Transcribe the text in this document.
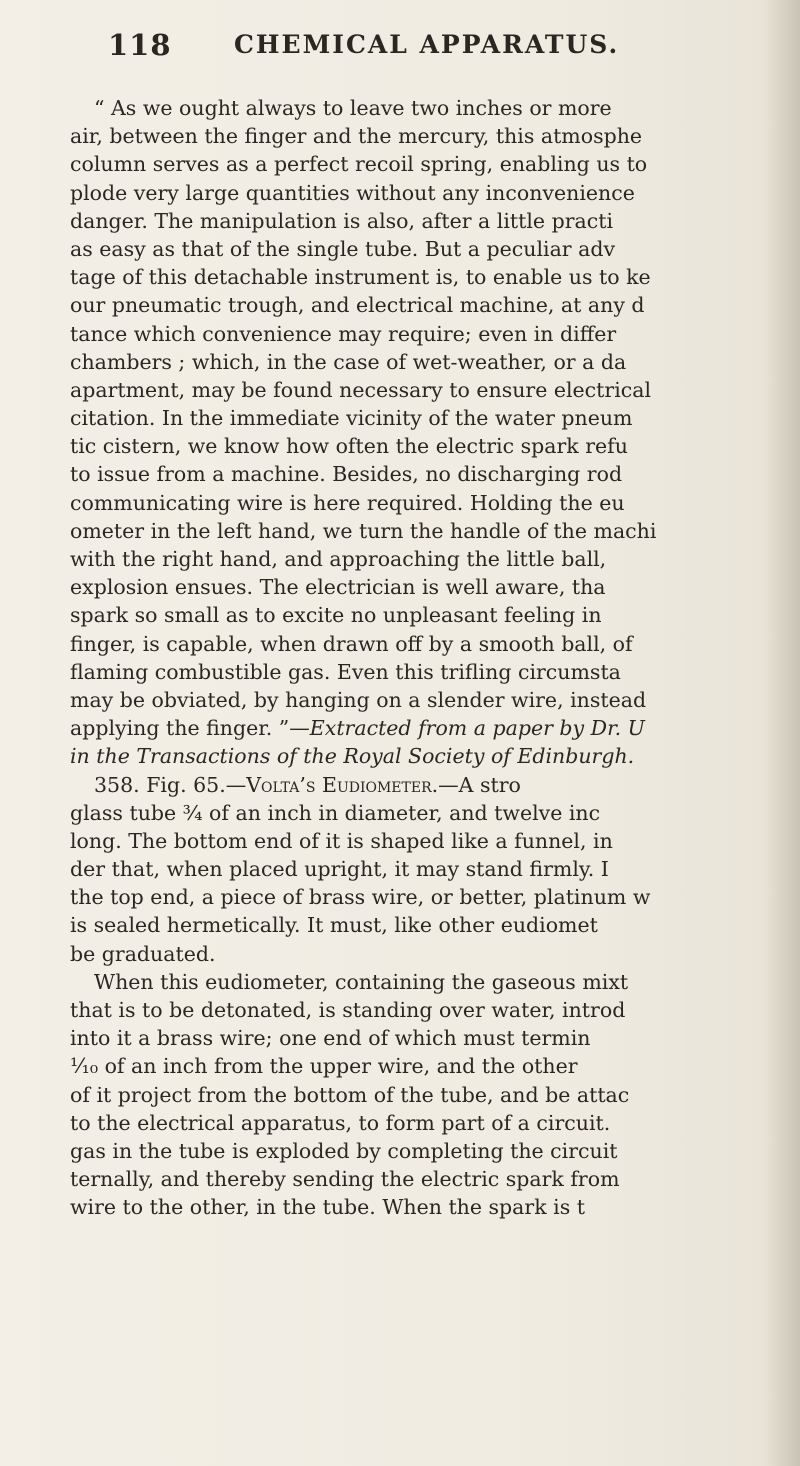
118 CHEMICAL APPARATUS.
“ As we ought always to leave two inches or more
air, between the finger and the mercury, this atmosphe
column serves as a perfect recoil spring, enabling us to
plode very large quantities without any inconvenience
danger. The manipulation is also, after a little practi
as easy as that of the single tube. But a peculiar adv
tage of this detachable instrument is, to enable us to ke
our pneumatic trough, and electrical machine, at any d
tance which convenience may require; even in differ
chambers ; which, in the case of wet-weather, or a da
apartment, may be found necessary to ensure electrical
citation. In the immediate vicinity of the water pneum
tic cistern, we know how often the electric spark refu
to issue from a machine. Besides, no discharging rod
communicating wire is here required. Holding the eu
ometer in the left hand, we turn the handle of the machi
with the right hand, and approaching the little ball,
explosion ensues. The electrician is well aware, tha
spark so small as to excite no unpleasant feeling in
finger, is capable, when drawn off by a smooth ball, of
flaming combustible gas. Even this trifling circumsta
may be obviated, by hanging on a slender wire, instead
applying the finger. ”—Extracted from a paper by Dr. U
in the Transactions of the Royal Society of Edinburgh.
358. Fig. 65.—Volta’s Eudiometer.—A stro
glass tube ¾ of an inch in diameter, and twelve inc
long. The bottom end of it is shaped like a funnel, in
der that, when placed upright, it may stand firmly. I
the top end, a piece of brass wire, or better, platinum w
is sealed hermetically. It must, like other eudiomet
be graduated.
When this eudiometer, containing the gaseous mixt
that is to be detonated, is standing over water, introd
into it a brass wire; one end of which must termin
¹⁄₁₀ of an inch from the upper wire, and the other
of it project from the bottom of the tube, and be attac
to the electrical apparatus, to form part of a circuit.
gas in the tube is exploded by completing the circuit
ternally, and thereby sending the electric spark from
wire to the other, in the tube. When the spark is t
